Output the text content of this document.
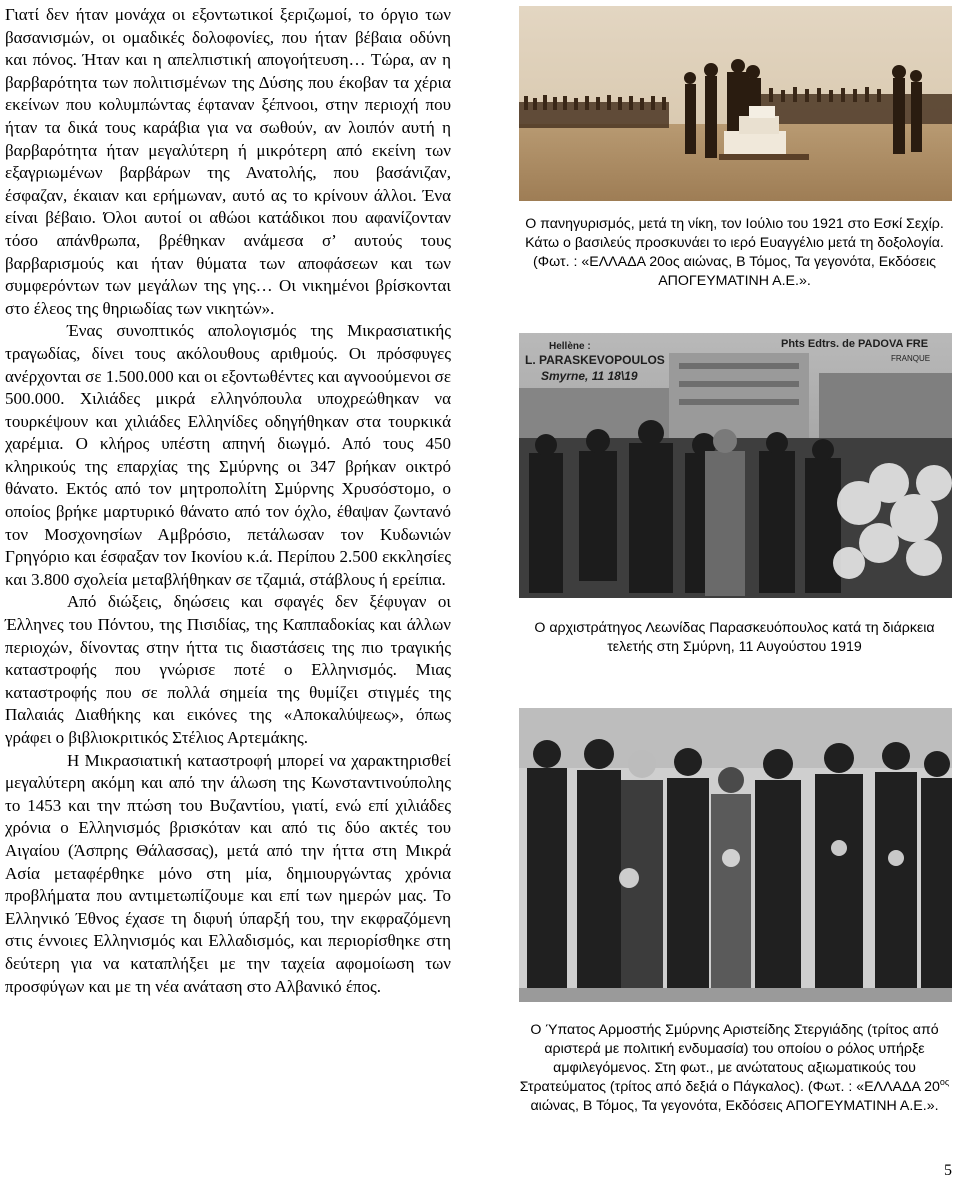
Γιατί δεν ήταν μονάχα οι εξοντωτικοί ξεριζωμοί, το όργιο των βασανισμών, οι ομαδικές δολοφονίες, που ήταν βέβαια οδύνη και πόνος. Ήταν και η απελπιστική απογοήτευση… Τώρα, αν η βαρβαρότητα των πολιτισμένων της Δύσης που έκοβαν τα χέρια εκείνων που κολυμπώντας έφταναν ξέπνοοι, στην περιοχή που ήταν τα δικά τους καράβια για να σωθούν, αν λοιπόν αυτή η βαρβαρότητα ήταν μεγαλύτερη ή μικρότερη από εκείνη των εξαγριωμένων βαρβάρων της Ανατολής, που βασάνιζαν, έσφαζαν, έκαιαν και ερήμωναν, αυτό ας το κρίνουν άλλοι. Ένα είναι βέβαιο. Όλοι αυτοί οι αθώοι κατάδικοι που αφανίζονταν τόσο απάνθρωπα, βρέθηκαν ανάμεσα σ’ αυτούς τους βαρβαρισμούς και ήταν θύματα των αποφάσεων και των συμφερόντων των μεγάλων της γης… Οι νικημένοι βρίσκονται στο έλεος της θηριωδίας των νικητών».

Ένας συνοπτικός απολογισμός της Μικρασιατικής τραγωδίας, δίνει τους ακόλουθους αριθμούς. Οι πρόσφυγες ανέρχονται σε 1.500.000 και οι εξοντωθέντες και αγνοούμενοι σε 500.000. Χιλιάδες μικρά ελληνόπουλα υποχρεώθηκαν να τουρκέψουν και χιλιάδες Ελληνίδες οδηγήθηκαν στα τουρκικά χαρέμια. Ο κλήρος υπέστη απηνή διωγμό. Από τους 450 κληρικούς της επαρχίας της Σμύρνης οι 347 βρήκαν οικτρό θάνατο. Εκτός από τον μητροπολίτη Σμύρνης Χρυσόστομο, ο οποίος βρήκε μαρτυρικό θάνατο από τον όχλο, έθαψαν ζωντανό τον Μοσχονησίων Αμβρόσιο, πετάλωσαν τον Κυδωνιών Γρηγόριο και έσφαξαν τον Ικονίου κ.ά. Περίπου 2.500 εκκλησίες και 3.800 σχολεία μεταβλήθηκαν σε τζαμιά, στάβλους ή ερείπια.

Από διώξεις, δηώσεις και σφαγές δεν ξέφυγαν οι Έλληνες του Πόντου, της Πισιδίας, της Καππαδοκίας και άλλων περιοχών, δίνοντας στην ήττα τις διαστάσεις της πιο τραγικής καταστροφής που γνώρισε ποτέ ο Ελληνισμός. Μιας καταστροφής που σε πολλά σημεία της θυμίζει στιγμές της Παλαιάς Διαθήκης και εικόνες της «Αποκαλύψεως», όπως γράφει ο βιβλιοκριτικός Στέλιος Αρτεμάκης.

Η Μικρασιατική καταστροφή μπορεί να χαρακτηρισθεί μεγαλύτερη ακόμη και από την άλωση της Κωνσταντινούπολης το 1453 και την πτώση του Βυζαντίου, γιατί, ενώ επί χιλιάδες χρόνια ο Ελληνισμός βρισκόταν και από τις δύο ακτές του Αιγαίου (Άσπρης Θάλασσας), μετά από την ήττα στη Μικρά Ασία μεταφέρθηκε μόνο στη μία, δημιουργώντας χρόνια προβλήματα που αντιμετωπίζουμε και επί των ημερών μας. Το Ελληνικό Έθνος έχασε τη διφυή ύπαρξή του, την εκφραζόμενη στις έννοιες Ελληνισμός και Ελλαδισμός, και περιορίσθηκε στη δεύτερη για να καταπλήξει με την ταχεία αφομοίωση των προσφύγων και με τη νέα ανάταση στο Αλβανικό έπος.

Ο πανηγυρισμός, μετά τη νίκη, τον Ιούλιο του 1921 στο Εσκί Σεχίρ.
Κάτω ο βασιλεύς προσκυνάει το ιερό Ευαγγέλιο μετά τη δοξολογία.
(Φωτ. : «ΕΛΛΑΔΑ 20ος αιώνας, Β Τόμος, Τα γεγονότα, Εκδόσεις
ΑΠΟΓΕΥΜΑΤΙΝΗ Α.Ε.».
Hellène :
L. PARASKEVOPOULOS
Smyrne, 11 18\19
Phts Edtrs. de PADOVA FRE
FRANQUE
Ο αρχιστράτηγος Λεωνίδας Παρασκευόπουλος κατά τη διάρκεια
τελετής στη Σμύρνη, 11 Αυγούστου 1919
Ο Ύπατος Αρμοστής Σμύρνης Αριστείδης Στεργιάδης (τρίτος από
αριστερά με πολιτική ενδυμασία) του οποίου ο ρόλος υπήρξε
αμφιλεγόμενος. Στη φωτ., με ανώτατους αξιωματικούς του
Στρατεύματος (τρίτος από δεξιά ο Πάγκαλος). (Φωτ. : «ΕΛΛΑΔΑ $20^{o\varsigma}$
αιώνας, Β Τόμος, Τα γεγονότα, Εκδόσεις ΑΠΟΓΕΥΜΑΤΙΝΗ Α.Ε.».
5
